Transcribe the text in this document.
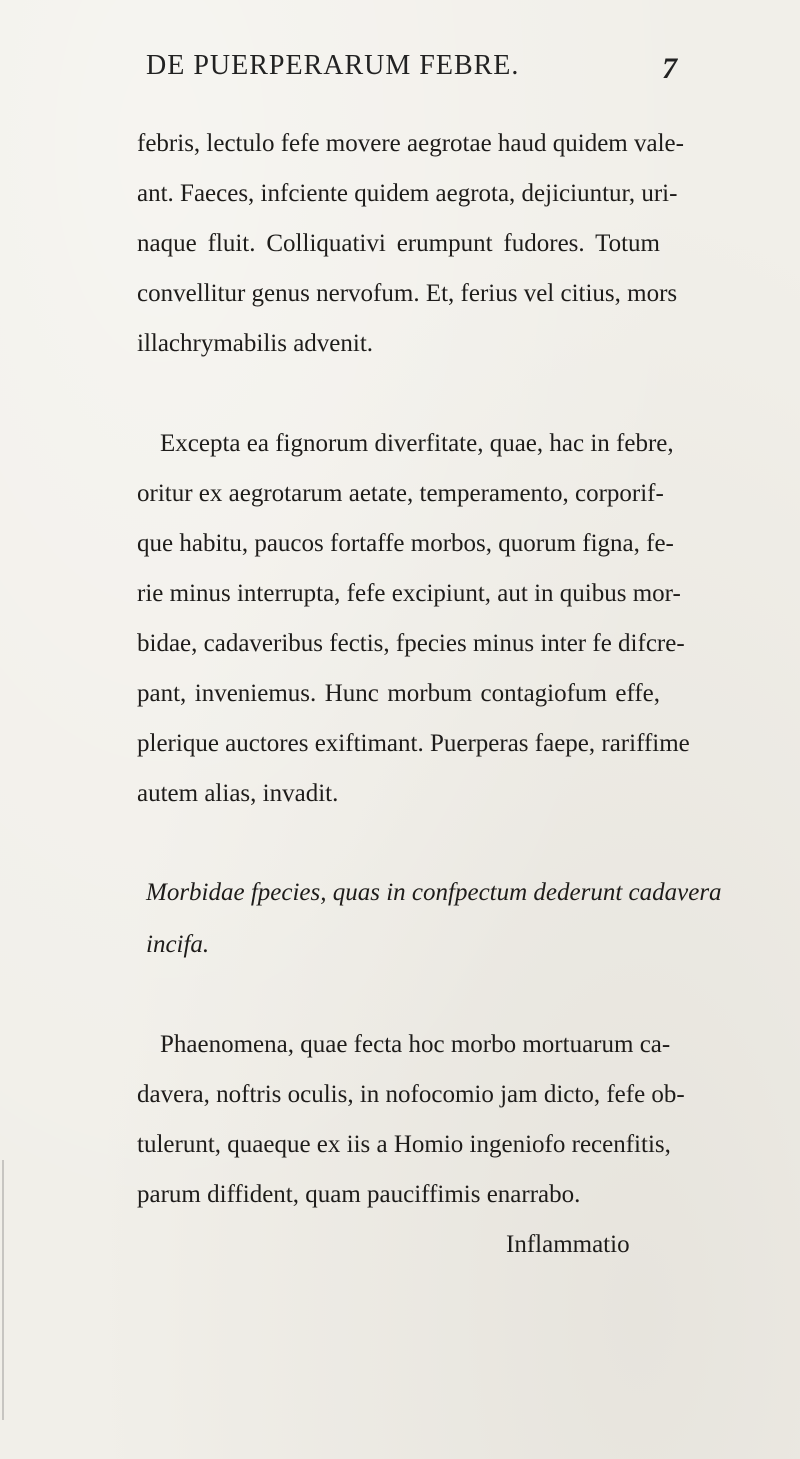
DE PUERPERARUM FEBRE.	7
febris, lectulo fefe movere aegrotae haud quidem vale-
ant. Faeces, infciente quidem aegrota, dejiciuntur, uri-
naque fluit. Colliquativi erumpunt fudores. Totum
convellitur genus nervofum. Et, ferius vel citius, mors
illachrymabilis advenit.
Excepta ea fignorum diverfitate, quae, hac in febre,
oritur ex aegrotarum aetate, temperamento, corporif-
que habitu, paucos fortaffe morbos, quorum figna, fe-
rie minus interrupta, fefe excipiunt, aut in quibus mor-
bidae, cadaveribus fectis, fpecies minus inter fe difcre-
pant, inveniemus. Hunc morbum contagiofum effe,
plerique auctores exiftimant. Puerperas faepe, rariffime
autem alias, invadit.
Morbidae fpecies, quas in confpectum dederunt cadavera
incifa.
Phaenomena, quae fecta hoc morbo mortuarum ca-
davera, noftris oculis, in nofocomio jam dicto, fefe ob-
tulerunt, quaeque ex iis a Homio ingeniofo recenfitis,
parum diffident, quam pauciffimis enarrabo.
Inflammatio
